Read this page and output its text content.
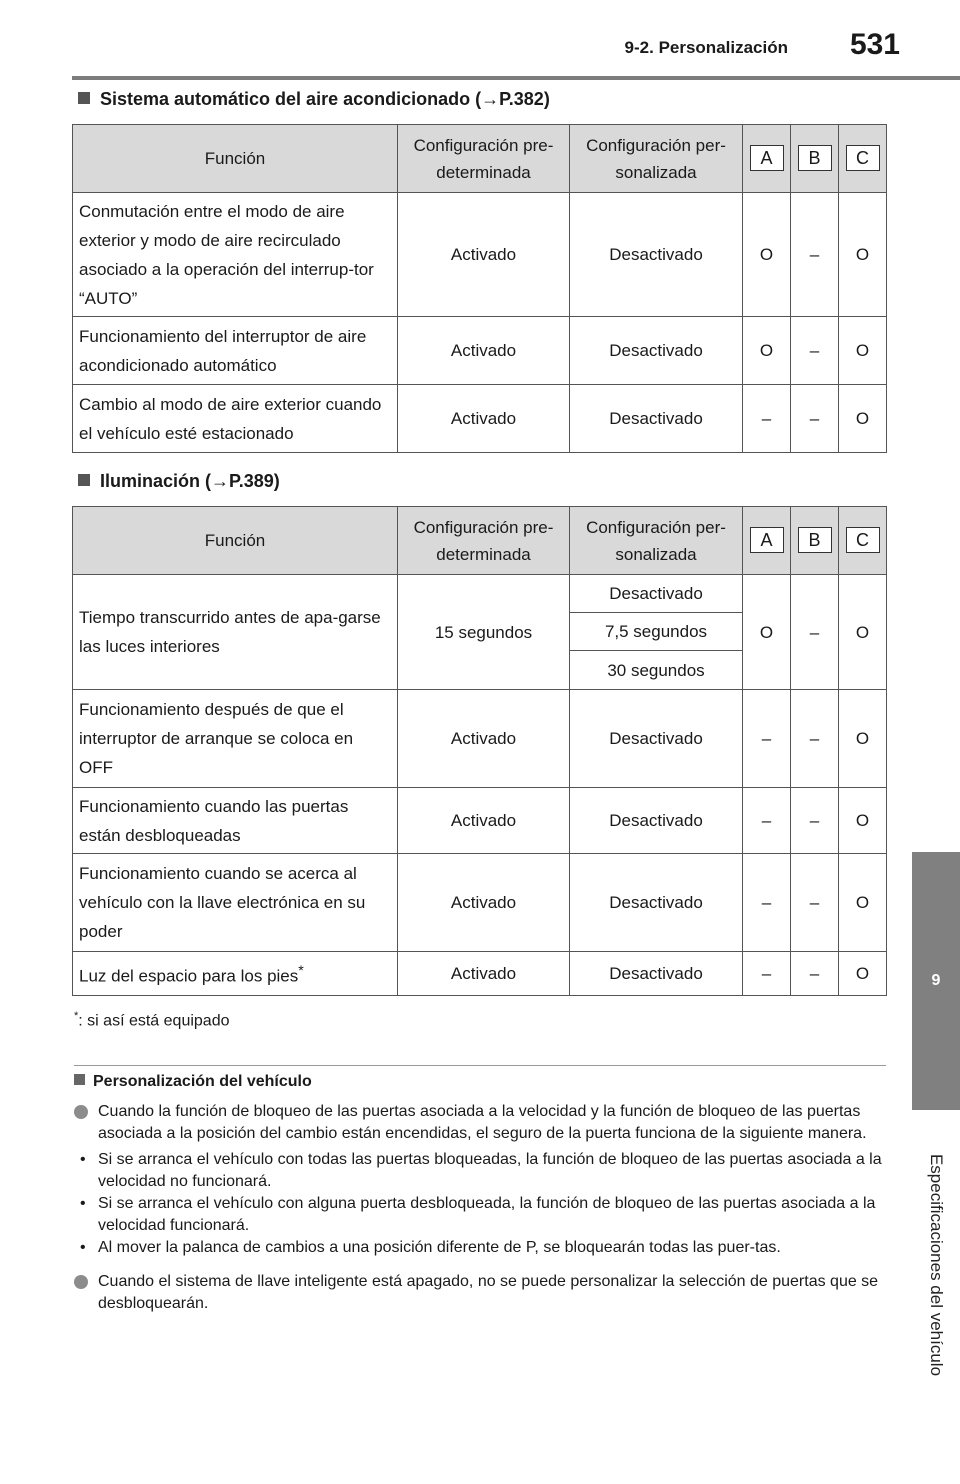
9-2. Personalización 531
9
Especificaciones del vehículo
Sistema automático del aire acondicionado (→P.382)
Función	Configuración pre-determinada	Configuración per-sonalizada	A	B	C
Conmutación entre el modo de aire exterior y modo de aire recirculado asociado a la operación del interrup-tor “AUTO”	Activado	Desactivado	O	–	O
Funcionamiento del interruptor de aire acondicionado automático	Activado	Desactivado	O	–	O
Cambio al modo de aire exterior cuando el vehículo esté estacionado	Activado	Desactivado	–	–	O
Iluminación (→P.389)
Función	Configuración pre-determinada	Configuración per-sonalizada	A	B	C
Tiempo transcurrido antes de apa-garse las luces interiores	15 segundos	Desactivado	O	–	O
		7,5 segundos			
		30 segundos			
Funcionamiento después de que el interruptor de arranque se coloca en OFF	Activado	Desactivado	–	–	O
Funcionamiento cuando las puertas están desbloqueadas	Activado	Desactivado	–	–	O
Funcionamiento cuando se acerca al vehículo con la llave electrónica en su poder	Activado	Desactivado	–	–	O
Luz del espacio para los pies*	Activado	Desactivado	–	–	O
*: si así está equipado
Personalización del vehículo
Cuando la función de bloqueo de las puertas asociada a la velocidad y la función de bloqueo de las puertas asociada a la posición del cambio están encendidas, el seguro de la puerta funciona de la siguiente manera.
• Si se arranca el vehículo con todas las puertas bloqueadas, la función de bloqueo de las puertas asociada a la velocidad no funcionará.
• Si se arranca el vehículo con alguna puerta desbloqueada, la función de bloqueo de las puertas asociada a la velocidad funcionará.
• Al mover la palanca de cambios a una posición diferente de P, se bloquearán todas las puer-tas.
Cuando el sistema de llave inteligente está apagado, no se puede personalizar la selección de puertas que se desbloquearán.
